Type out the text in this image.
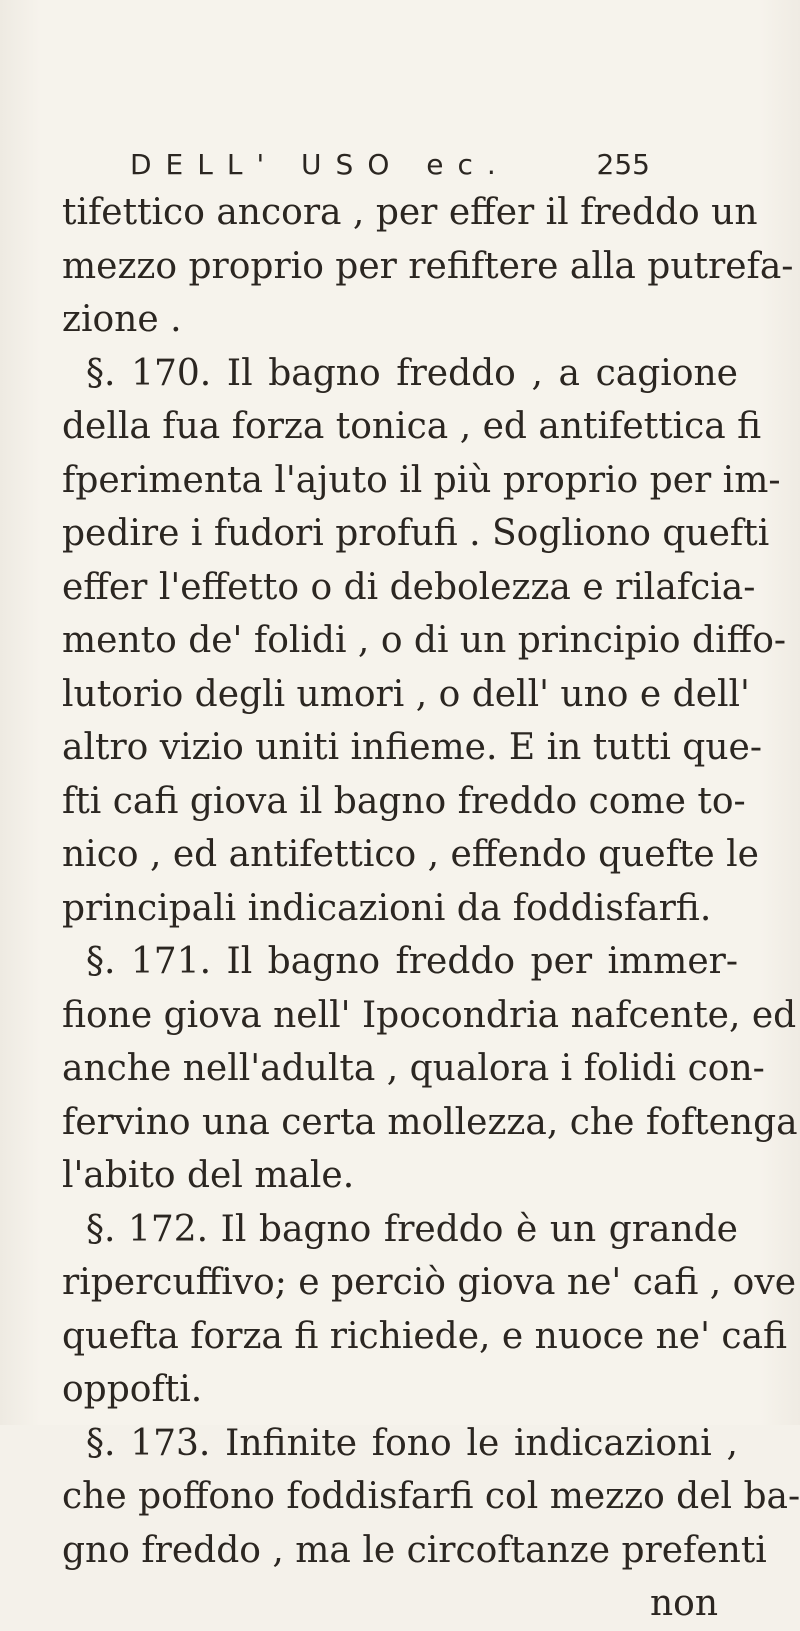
DELL' USO ec.	255
tifettico ancora , per effer il freddo un
mezzo proprio per refiftere alla putrefa-
zione .
§. 170. Il bagno freddo , a cagione
della fua forza tonica , ed antifettica fi
fperimenta l'ajuto il più proprio per im-
pedire i fudori profufi . Sogliono quefti
effer l'effetto o di debolezza e rilafcia-
mento de' folidi , o di un principio diffo-
lutorio degli umori , o dell' uno e dell'
altro vizio uniti infieme. E in tutti que-
fti cafi giova il bagno freddo come to-
nico , ed antifettico , effendo quefte le
principali indicazioni da foddisfarfi.
§. 171. Il bagno freddo per immer-
fione giova nell' Ipocondria nafcente, ed
anche nell'adulta , qualora i folidi con-
fervino una certa mollezza, che foftenga
l'abito del male.
§. 172. Il bagno freddo è un grande
ripercuffivo; e perciò giova ne' cafi , ove
quefta forza fi richiede, e nuoce ne' cafi
oppofti.
§. 173. Infinite fono le indicazioni ,
che poffono foddisfarfi col mezzo del ba-
gno freddo , ma le circoftanze prefenti
non
